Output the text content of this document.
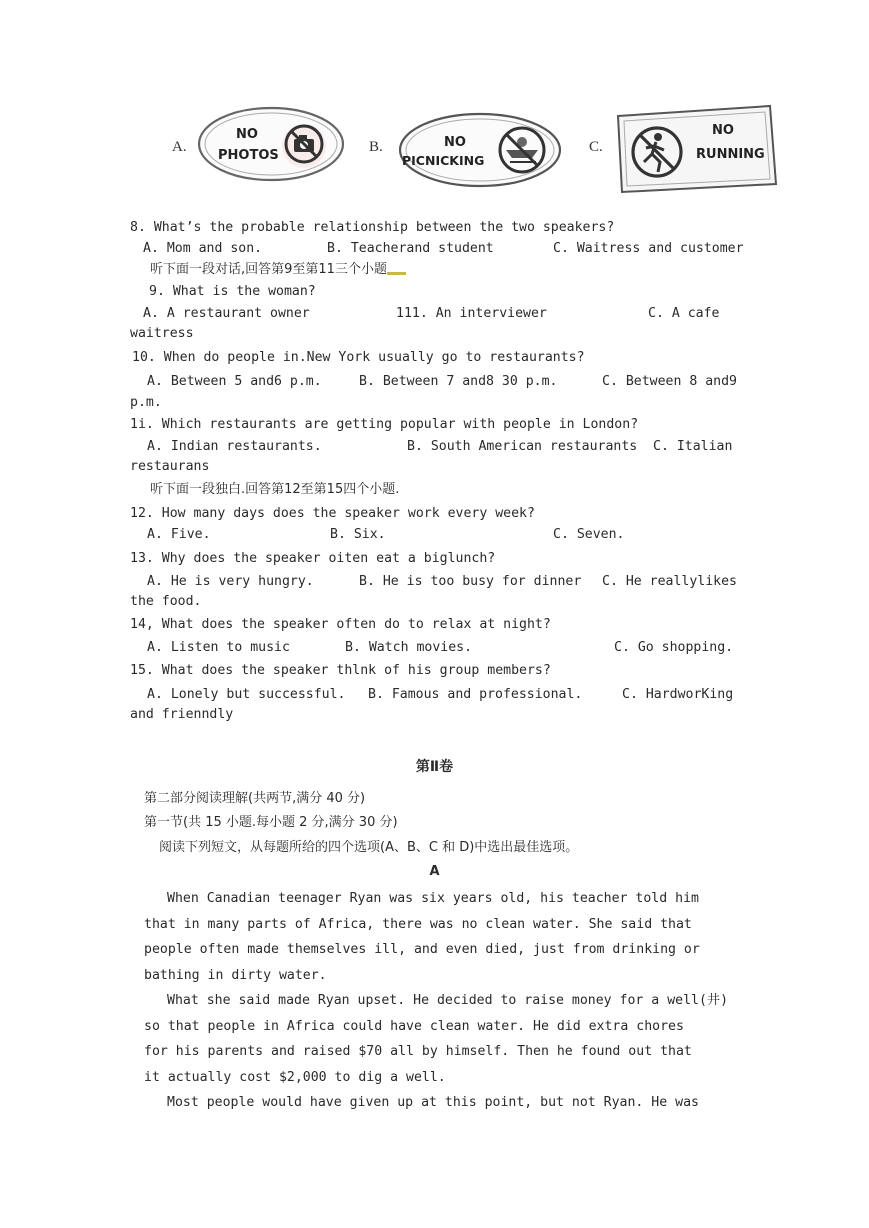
A.
NO
PHOTOS
B.	NO
PICNICKING
C.
NO
RUNNING
8. What’s the probable relationship between the two speakers?
A. Mom and son.	B. Teacherand student	C. Waitress and customer
听下面一段对话,回答第9至第11三个小题
9. What is the woman?
A. A restaurant owner	111. An interviewer	C. A cafe
waitress
10. When do people in.New York usually go to restaurants?
A. Between 5 and6 p.m.	B. Between 7 and8 30 p.m.	C. Between 8 and9
p.m.
1i. Which restaurants are getting popular with people in London?
A. Indian restaurants.	B. South American restaurants C. Italian
restaurans
听下面一段独白.回答第12至第15四个小题.
12. How many days does the speaker work every week?
A. Five.	B. Six.	C. Seven.
13. Why does the speaker oiten eat a biglunch?
A. He is very hungry.	B. He is too busy for dinner C. He reallylikes
the food.
14, What does the speaker often do to relax at night?
A. Listen to music	B. Watch movies.	C. Go shopping.
15. What does the speaker thlnk of his group members?
A. Lonely but successful. B. Famous and professional.	C. HardworKing
and frienndly
第Ⅱ卷
第二部分阅读理解(共两节,满分 40 分)
第一节(共 15 小题.每小题 2 分,满分 30 分)
阅读下列短文，从每题所给的四个选项(A、B、C 和 D)中选出最佳选项。
A
When Canadian teenager Ryan was six years old, his teacher told him
that in many parts of Africa, there was no clean water. She said that
people often made themselves ill, and even died, just from drinking or
bathing in dirty water.
What she said made Ryan upset. He decided to raise money for a well(井)
so that people in Africa could have clean water. He did extra chores
for his parents and raised $70 all by himself. Then he found out that
it actually cost $2,000 to dig a well.
Most people would have given up at this point, but not Ryan. He was
